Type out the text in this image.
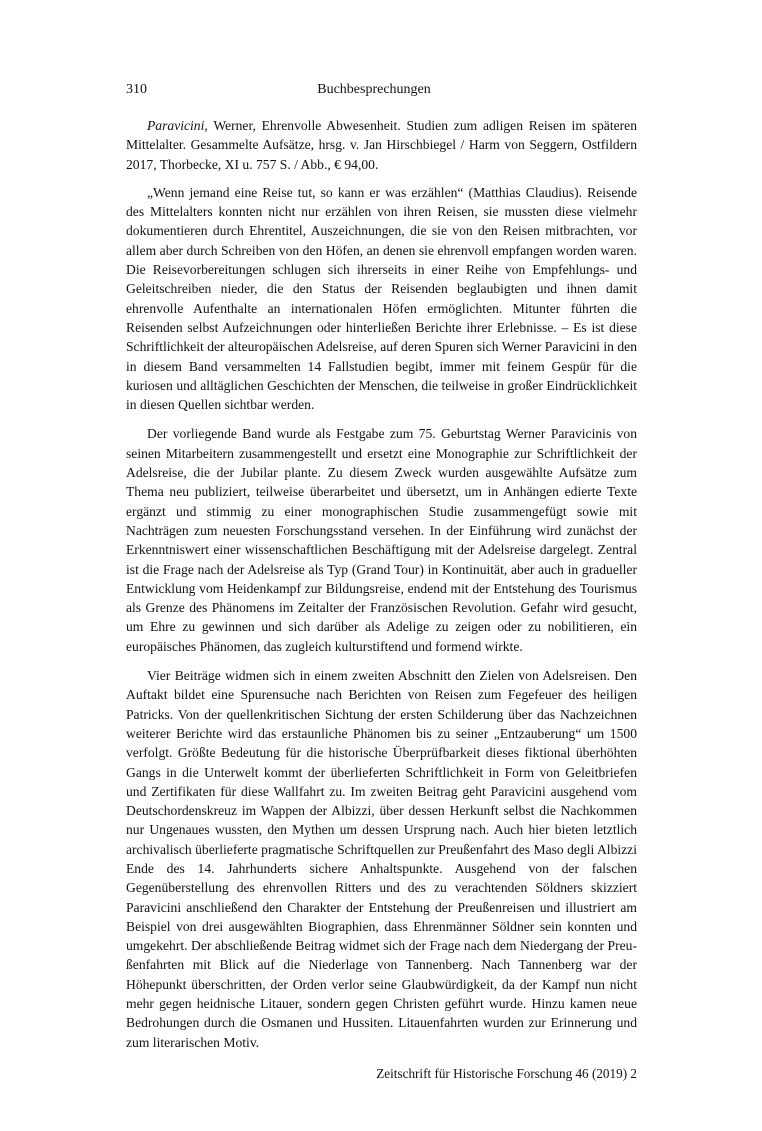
310	Buchbesprechungen

Paravicini, Werner, Ehrenvolle Abwesenheit. Studien zum adligen Reisen im späteren Mittelalter. Gesammelte Aufsätze, hrsg. v. Jan Hirschbiegel / Harm von Seggern, Ostfildern 2017, Thorbecke, XI u. 757 S. / Abb., € 94,00.

„Wenn jemand eine Reise tut, so kann er was erzählen“ (Matthias Claudius). Reisende des Mittelalters konnten nicht nur erzählen von ihren Reisen, sie mussten diese vielmehr dokumentieren durch Ehrentitel, Auszeichnungen, die sie von den Reisen mitbrachten, vor allem aber durch Schreiben von den Höfen, an denen sie ehrenvoll empfangen worden waren. Die Reisevorbereitungen schlugen sich ihrerseits in einer Reihe von Empfehlungs- und Geleitschreiben nieder, die den Status der Reisenden beglaubigten und ihnen damit ehrenvolle Aufenthalte an internationalen Höfen ermöglichten. Mitunter führten die Reisenden selbst Aufzeichnungen oder hinterließen Berichte ihrer Erlebnisse. – Es ist diese Schriftlichkeit der alteuropäischen Adelsreise, auf deren Spuren sich Werner Paravicini in den in diesem Band versammelten 14 Fallstudien begibt, immer mit feinem Gespür für die kuriosen und alltäglichen Geschichten der Menschen, die teilweise in großer Eindrücklichkeit in diesen Quellen sichtbar werden.

Der vorliegende Band wurde als Festgabe zum 75. Geburtstag Werner Paravicinis von seinen Mitarbeitern zusammengestellt und ersetzt eine Monographie zur Schriftlichkeit der Adelsreise, die der Jubilar plante. Zu diesem Zweck wurden ausgewählte Aufsätze zum Thema neu publiziert, teilweise überarbeitet und übersetzt, um in Anhängen edierte Texte ergänzt und stimmig zu einer monographischen Studie zusammengefügt sowie mit Nachträgen zum neuesten Forschungsstand versehen. In der Einführung wird zunächst der Erkenntniswert einer wissenschaftlichen Beschäftigung mit der Adelsreise dargelegt. Zentral ist die Frage nach der Adelsreise als Typ (Grand Tour) in Kontinuität, aber auch in gradueller Entwicklung vom Heidenkampf zur Bildungsreise, endend mit der Entstehung des Tourismus als Grenze des Phänomens im Zeitalter der Französischen Revolution. Gefahr wird gesucht, um Ehre zu gewinnen und sich darüber als Adelige zu zeigen oder zu nobilitieren, ein europäisches Phänomen, das zugleich kulturstiftend und formend wirkte.

Vier Beiträge widmen sich in einem zweiten Abschnitt den Zielen von Adelsreisen. Den Auftakt bildet eine Spurensuche nach Berichten von Reisen zum Fegefeuer des heiligen Patricks. Von der quellenkritischen Sichtung der ersten Schilderung über das Nachzeichnen weiterer Berichte wird das erstaunliche Phänomen bis zu seiner „Entzauberung“ um 1500 verfolgt. Größte Bedeutung für die historische Überprüfbarkeit dieses fiktional überhöhten Gangs in die Unterwelt kommt der überlieferten Schriftlichkeit in Form von Geleitbriefen und Zertifikaten für diese Wallfahrt zu. Im zweiten Beitrag geht Paravicini ausgehend vom Deutschordenskreuz im Wappen der Albizzi, über dessen Herkunft selbst die Nachkommen nur Ungenaues wussten, den Mythen um dessen Ursprung nach. Auch hier bieten letztlich archivalisch überlieferte pragmatische Schriftquellen zur Preußenfahrt des Maso degli Albizzi Ende des 14. Jahrhunderts sichere Anhaltspunkte. Ausgehend von der falschen Gegenüberstellung des ehrenvollen Ritters und des zu verachtenden Söldners skizziert Paravicini anschließend den Charakter der Entstehung der Preußenreisen und illustriert am Beispiel von drei ausgewählten Biographien, dass Ehrenmänner Söldner sein konnten und umgekehrt. Der abschließende Beitrag widmet sich der Frage nach dem Niedergang der Preußenfahrten mit Blick auf die Niederlage von Tannenberg. Nach Tannenberg war der Höhepunkt überschritten, der Orden verlor seine Glaubwürdigkeit, da der Kampf nun nicht mehr gegen heidnische Litauer, sondern gegen Christen geführt wurde. Hinzu kamen neue Bedrohungen durch die Osmanen und Hussiten. Litauenfahrten wurden zur Erinnerung und zum literarischen Motiv.

Zeitschrift für Historische Forschung 46 (2019) 2
